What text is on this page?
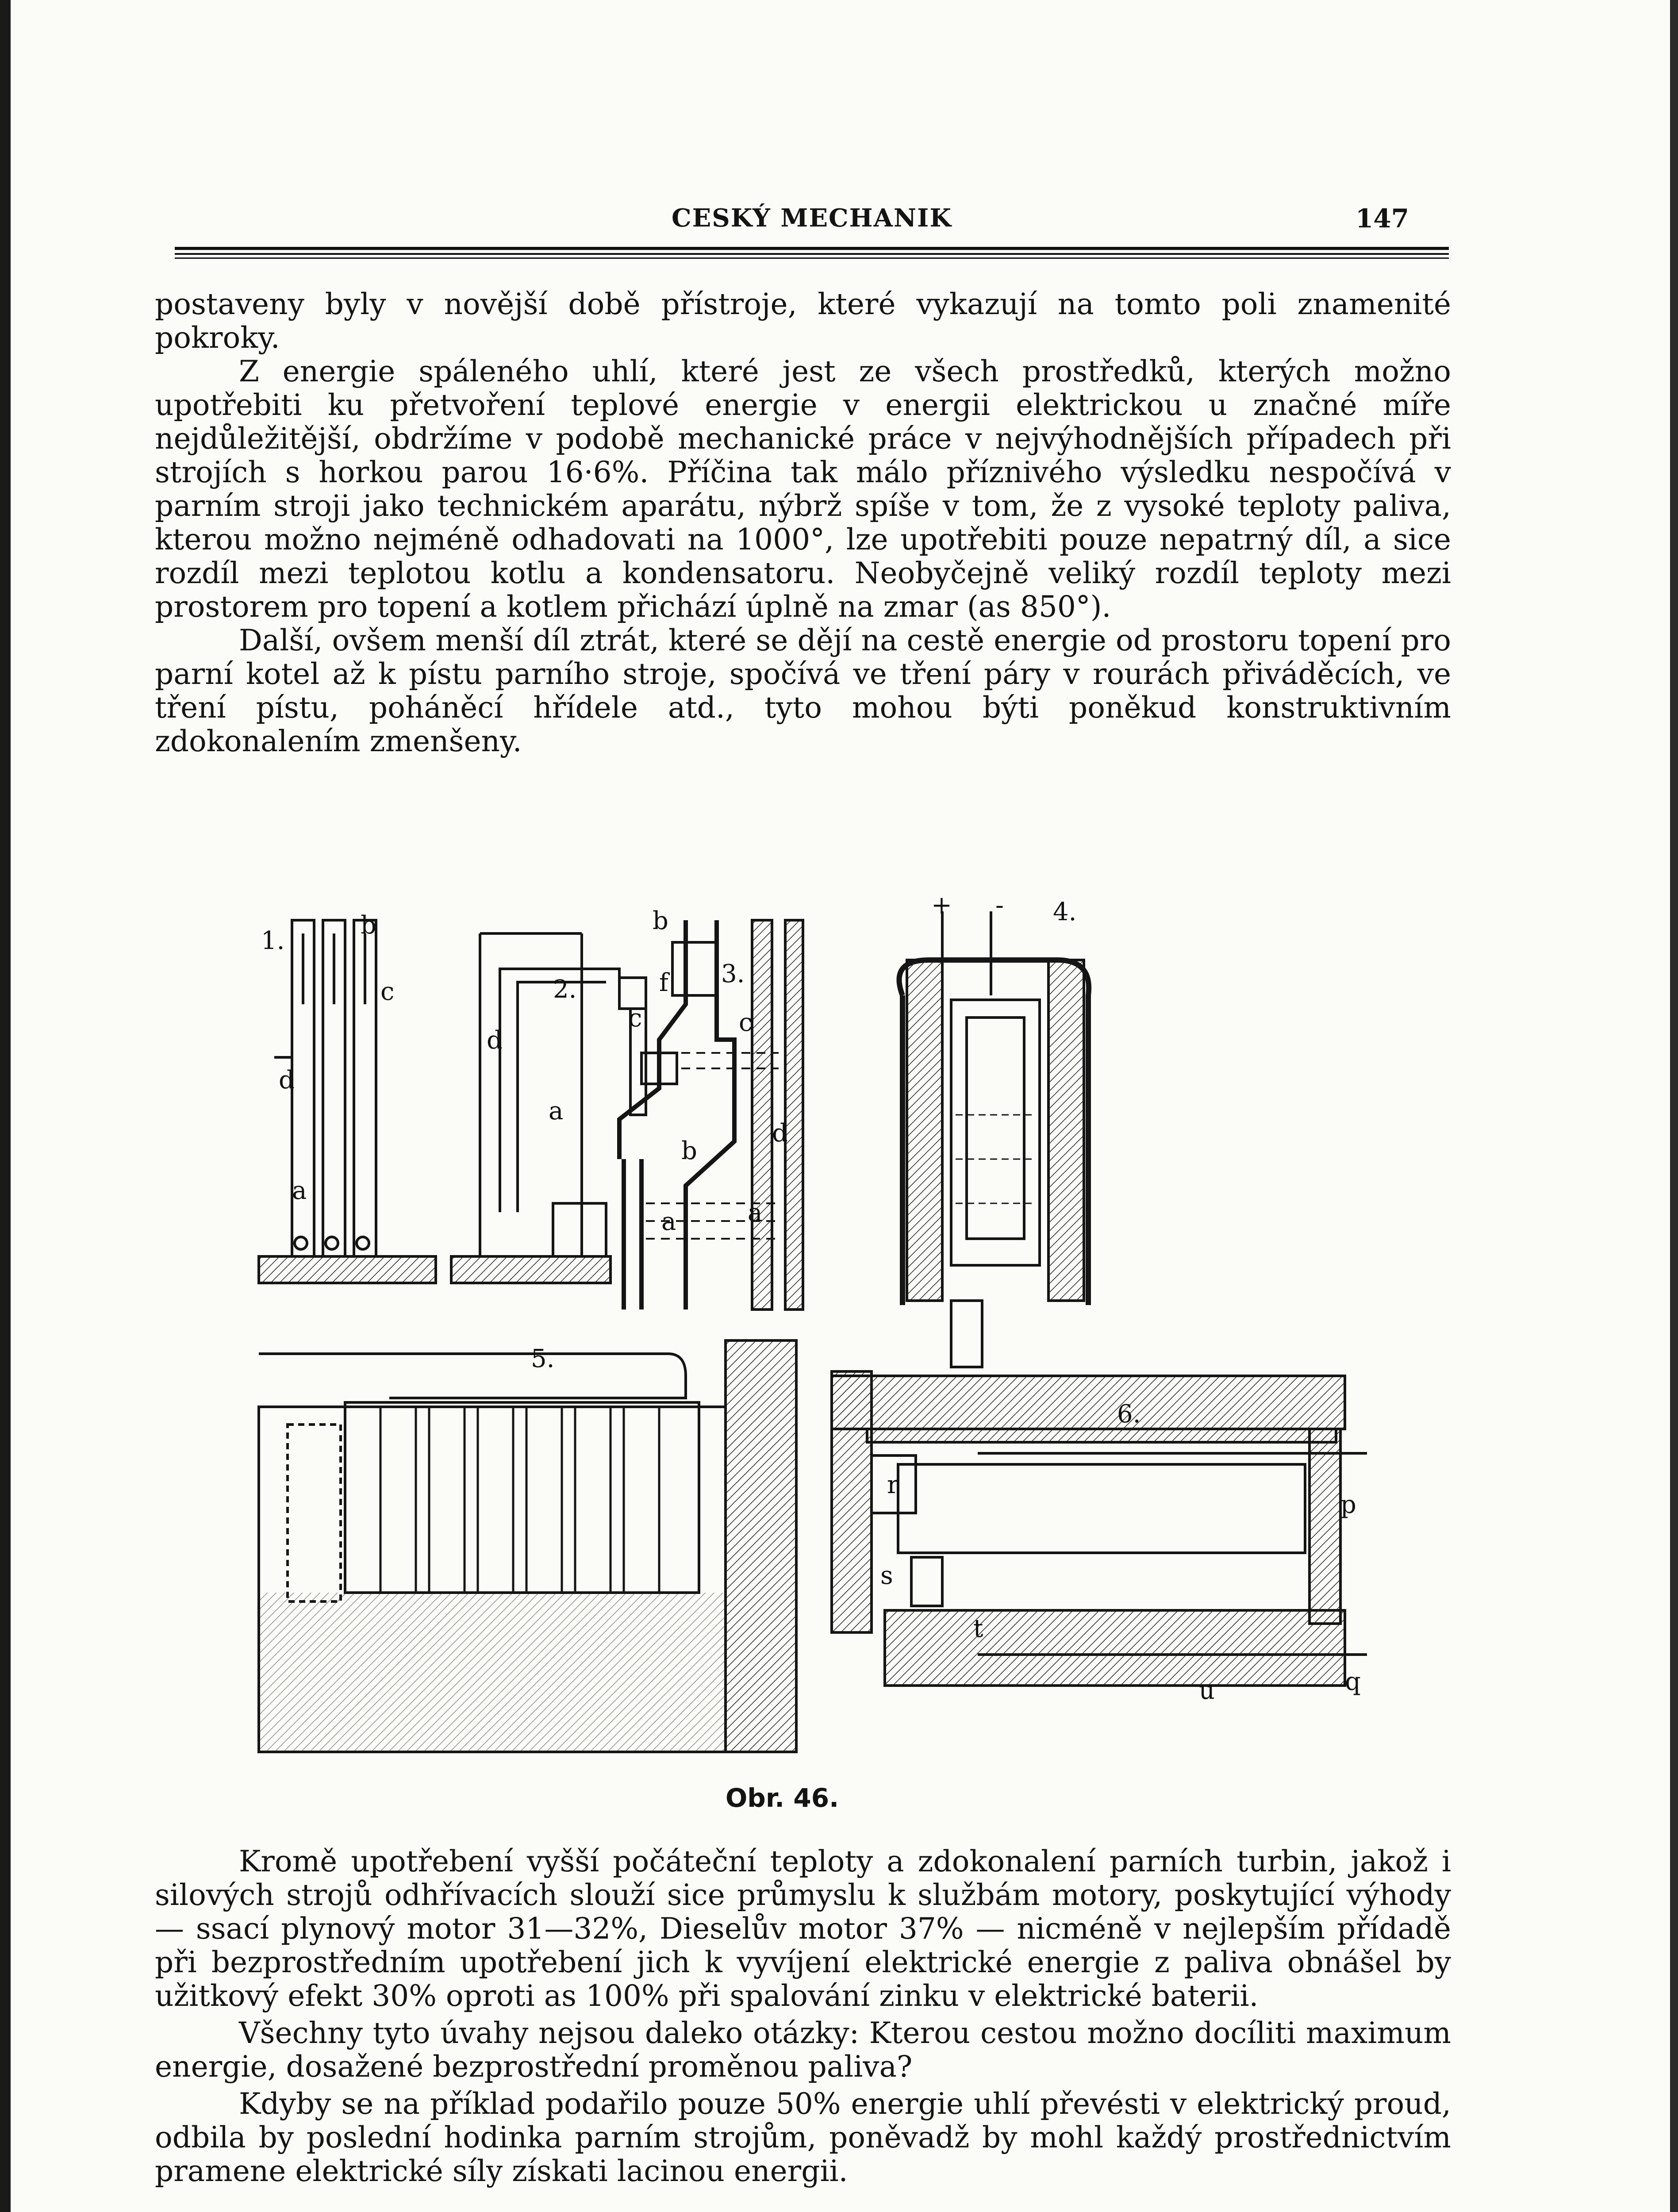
CESKÝ MECHANIK	147

postaveny byly v novější době přístroje, které vykazují na tomto poli znamenité pokroky.

Z energie spáleného uhlí, které jest ze všech prostředků, kterých možno upotřebiti ku přetvoření teplové energie v energii elektrickou u značné míře nejdůležitější, obdržíme v podobě mechanické práce v nejvýhodnějších případech při strojích s horkou parou 16·6%. Příčina tak málo příznivého výsledku nespočívá v parním stroji jako technickém aparátu, nýbrž spíše v tom, že z vysoké teploty paliva, kterou možno nejméně odhadovati na 1000°, lze upotřebiti pouze nepatrný díl, a sice rozdíl mezi teplotou kotlu a kondensatoru. Neobyčejně veliký rozdíl teploty mezi prostorem pro topení a kotlem přichází úplně na zmar (as 850°).

Další, ovšem menší díl ztrát, které se dějí na cestě energie od prostoru topení pro parní kotel až k pístu parního stroje, spočívá ve tření páry v rourách přiváděcích, ve tření pístu, poháněcí hřídele atd., tyto mohou býti poněkud konstruktivním zdokonalením zmenšeny.

1.
2.
3.
4.
5.
6.
b
c
d
a
b
c
f
d
a
c
b
d
a
a
+ -
r
s
t
p
u	q
Obr. 46.

Kromě upotřebení vyšší počáteční teploty a zdokonalení parních turbin, jakož i silových strojů odhřívacích slouží sice průmyslu k službám motory, poskytující výhody — ssací plynový motor 31—32%, Dieselův motor 37% — nicméně v nejlepším přídadě při bezprostředním upotřebení jich k vyvíjení elektrické energie z paliva obnášel by užitkový efekt 30% oproti as 100% při spalování zinku v elektrické baterii.

Všechny tyto úvahy nejsou daleko otázky: Kterou cestou možno docíliti maximum energie, dosažené bezprostřední proměnou paliva?

Kdyby se na příklad podařilo pouze 50% energie uhlí převésti v elektrický proud, odbila by poslední hodinka parním strojům, poněvadž by mohl každý prostřednictvím pramene elektrické síly získati lacinou energii.
